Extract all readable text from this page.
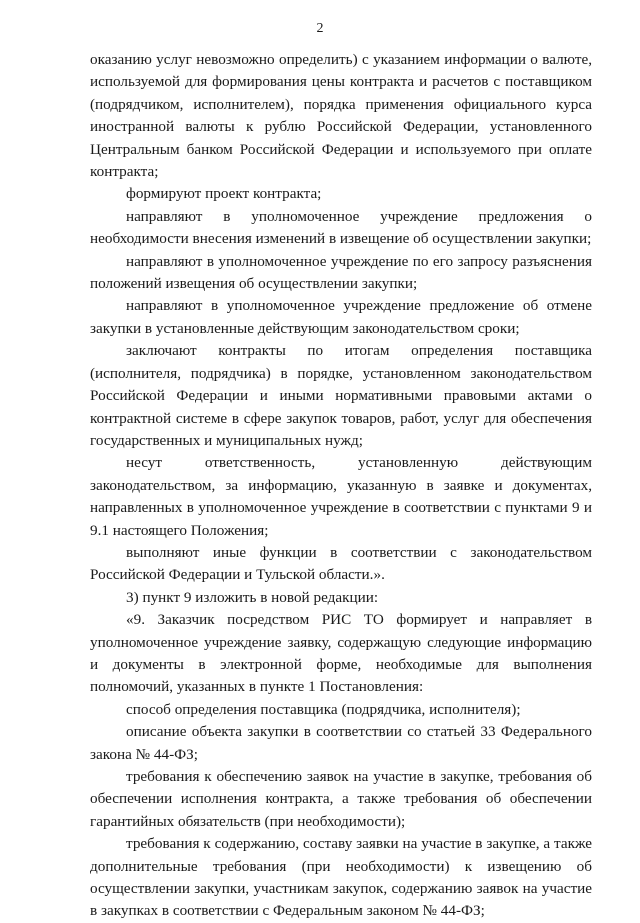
2

оказанию услуг невозможно определить) с указанием информации о валюте, используемой для формирования цены контракта и расчетов с поставщиком (подрядчиком, исполнителем), порядка применения официального курса иностранной валюты к рублю Российской Федерации, установленного Центральным банком Российской Федерации и используемого при оплате контракта;

формируют проект контракта;

направляют в уполномоченное учреждение предложения о необходимости внесения изменений в извещение об осуществлении закупки;

направляют в уполномоченное учреждение по его запросу разъяснения положений извещения об осуществлении закупки;

направляют в уполномоченное учреждение предложение об отмене закупки в установленные действующим законодательством сроки;

заключают контракты по итогам определения поставщика (исполнителя, подрядчика) в порядке, установленном законодательством Российской Федерации и иными нормативными правовыми актами о контрактной системе в сфере закупок товаров, работ, услуг для обеспечения государственных и муниципальных нужд;

несут ответственность, установленную действующим законодательством, за информацию, указанную в заявке и документах, направленных в уполномоченное учреждение в соответствии с пунктами 9 и 9.1 настоящего Положения;

выполняют иные функции в соответствии с законодательством Российской Федерации и Тульской области.».

3) пункт 9 изложить в новой редакции:

«9. Заказчик посредством РИС ТО формирует и направляет в уполномоченное учреждение заявку, содержащую следующие информацию и документы в электронной форме, необходимые для выполнения полномочий, указанных в пункте 1 Постановления:

способ определения поставщика (подрядчика, исполнителя);

описание объекта закупки в соответствии со статьей 33 Федерального закона № 44-ФЗ;

требования к обеспечению заявок на участие в закупке, требования об обеспечении исполнения контракта, а также требования об обеспечении гарантийных обязательств (при необходимости);

требования к содержанию, составу заявки на участие в закупке, а также дополнительные требования (при необходимости) к извещению об осуществлении закупки, участникам закупок, содержанию заявок на участие в закупках в соответствии с Федеральным законом № 44-ФЗ;
